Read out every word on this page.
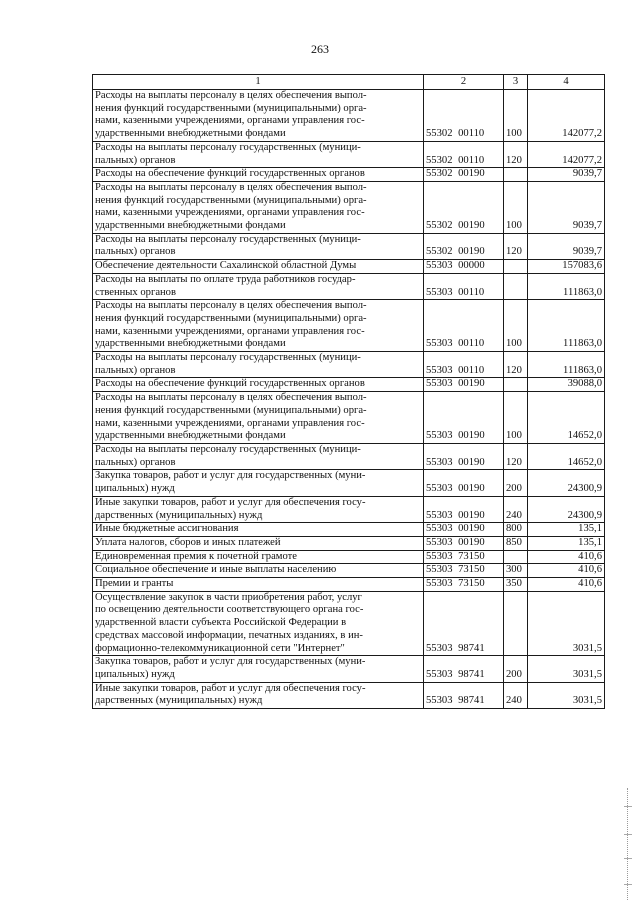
263
1	2	3	4
Расходы на выплаты персоналу в целях обеспечения выпол-
нения функций государственными (муниципальными) орга-
нами, казенными учреждениями, органами управления гос-
ударственными внебюджетными фондами	55302 00110	100	142077,2
Расходы на выплаты персоналу государственных (муници-
пальных) органов	55302 00110	120	142077,2
Расходы на обеспечение функций государственных органов	55302 00190		9039,7
Расходы на выплаты персоналу в целях обеспечения выпол-
нения функций государственными (муниципальными) орга-
нами, казенными учреждениями, органами управления гос-
ударственными внебюджетными фондами	55302 00190	100	9039,7
Расходы на выплаты персоналу государственных (муници-
пальных) органов	55302 00190	120	9039,7
Обеспечение деятельности Сахалинской областной Думы	55303 00000		157083,6
Расходы на выплаты по оплате труда работников государ-
ственных органов	55303 00110		111863,0
Расходы на выплаты персоналу в целях обеспечения выпол-
нения функций государственными (муниципальными) орга-
нами, казенными учреждениями, органами управления гос-
ударственными внебюджетными фондами	55303 00110	100	111863,0
Расходы на выплаты персоналу государственных (муници-
пальных) органов	55303 00110	120	111863,0
Расходы на обеспечение функций государственных органов	55303 00190		39088,0
Расходы на выплаты персоналу в целях обеспечения выпол-
нения функций государственными (муниципальными) орга-
нами, казенными учреждениями, органами управления гос-
ударственными внебюджетными фондами	55303 00190	100	14652,0
Расходы на выплаты персоналу государственных (муници-
пальных) органов	55303 00190	120	14652,0
Закупка товаров, работ и услуг для государственных (муни-
ципальных) нужд	55303 00190	200	24300,9
Иные закупки товаров, работ и услуг для обеспечения госу-
дарственных (муниципальных) нужд	55303 00190	240	24300,9
Иные бюджетные ассигнования	55303 00190	800	135,1
Уплата налогов, сборов и иных платежей	55303 00190	850	135,1
Единовременная премия к почетной грамоте	55303 73150		410,6
Социальное обеспечение и иные выплаты населению	55303 73150	300	410,6
Премии и гранты	55303 73150	350	410,6
Осуществление закупок в части приобретения работ, услуг
по освещению деятельности соответствующего органа гос-
ударственной власти субъекта Российской Федерации в
средствах массовой информации, печатных изданиях, в ин-
формационно-телекоммуникационной сети "Интернет"	55303 98741		3031,5
Закупка товаров, работ и услуг для государственных (муни-
ципальных) нужд	55303 98741	200	3031,5
Иные закупки товаров, работ и услуг для обеспечения госу-
дарственных (муниципальных) нужд	55303 98741	240	3031,5
